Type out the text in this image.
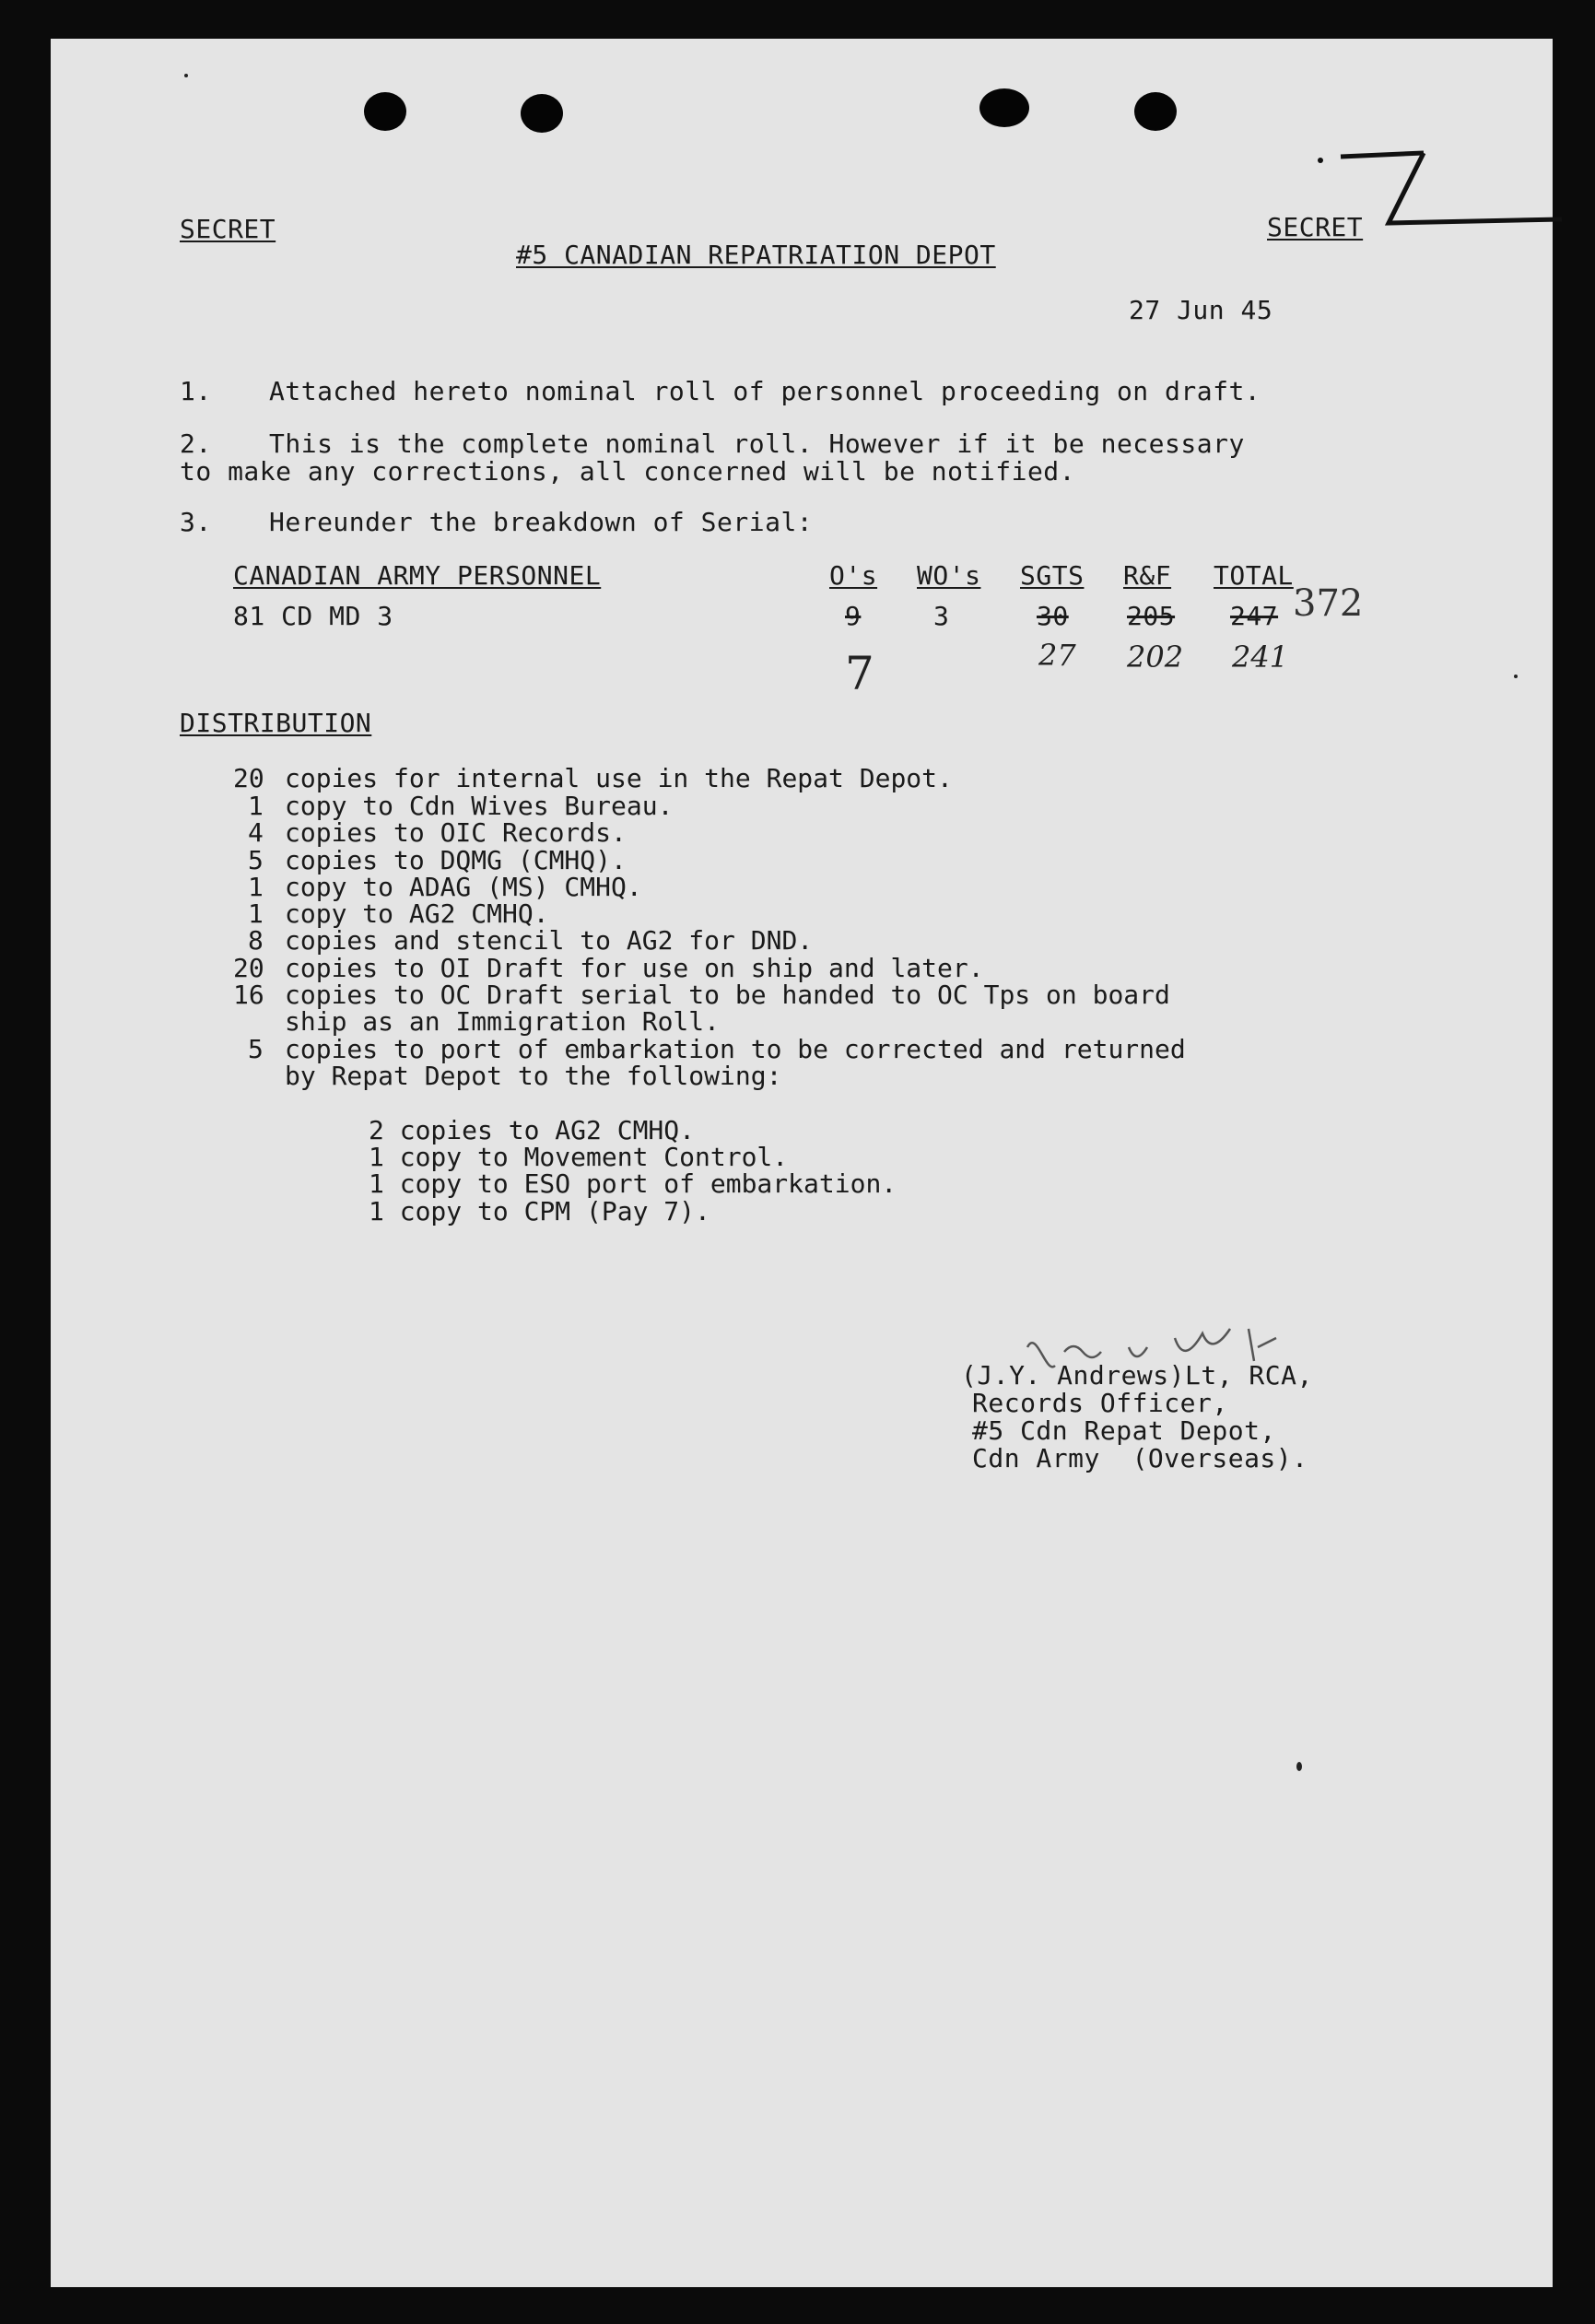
SECRET	SECRET
#5 CANADIAN REPATRIATION DEPOT
27 Jun 45
1. Attached hereto nominal roll of personnel proceeding on draft.
2. This is the complete nominal roll. However if it be necessary
to make any corrections, all concerned will be notified.
3. Hereunder the breakdown of Serial:
CANADIAN ARMY PERSONNEL	O's WO's SGTS R&F TOTAL
81 CD MD 3	9	3	30 205 247 372
7	27 202 241
DISTRIBUTION
20 copies for internal use in the Repat Depot.
1 copy to Cdn Wives Bureau.
4 copies to OIC Records.
5 copies to DQMG (CMHQ).
1 copy to ADAG (MS) CMHQ.
1 copy to AG2 CMHQ.
8 copies and stencil to AG2 for DND.
20 copies to OI Draft for use on ship and later.
16 copies to OC Draft serial to be handed to OC Tps on board
ship as an Immigration Roll.
5 copies to port of embarkation to be corrected and returned
by Repat Depot to the following:
2 copies to AG2 CMHQ.
1 copy to Movement Control.
1 copy to ESO port of embarkation.
1 copy to CPM (Pay 7).
(J.Y. Andrews)Lt, RCA,
Records Officer,
#5 Cdn Repat Depot,
Cdn Army  (Overseas).
